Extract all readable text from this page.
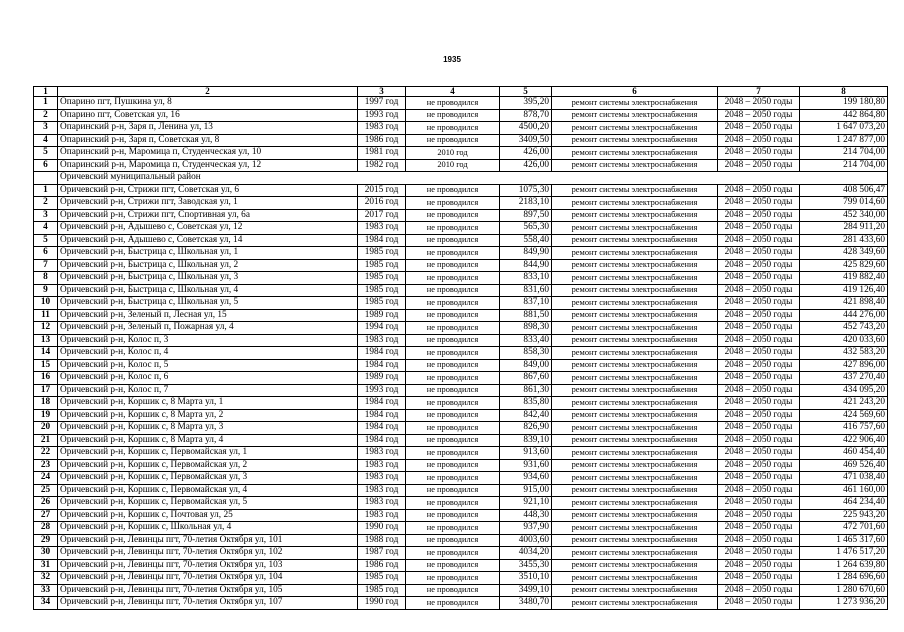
1935
1	2	3	4	5	6	7	8
1	Опарино пгт, Пушкина ул, 8	1997 год	не проводился	395,20	ремонт системы электроснабжения	2048 – 2050 годы	199 180,80
2	Опарино пгт, Советская ул, 16	1993 год	не проводился	878,70	ремонт системы электроснабжения	2048 – 2050 годы	442 864,80
3	Опаринский р-н, Заря п, Ленина ул, 13	1983 год	не проводился	4500,20	ремонт системы электроснабжения	2048 – 2050 годы	1 647 073,20
4	Опаринский р-н, Заря п, Советская ул, 8	1986 год	не проводился	3409,50	ремонт системы электроснабжения	2048 – 2050 годы	1 247 877,00
5	Опаринский р-н, Маромица п, Студенческая ул, 10	1981 год	2010 год	426,00	ремонт системы электроснабжения	2048 – 2050 годы	214 704,00
6	Опаринский р-н, Маромица п, Студенческая ул, 12	1982 год	2010 год	426,00	ремонт системы электроснабжения	2048 – 2050 годы	214 704,00
	Оричевский муниципальный район						
1	Оричевский р-н, Стрижи пгт, Советская ул, 6	2015 год	не проводился	1075,30	ремонт системы электроснабжения	2048 – 2050 годы	408 506,47
2	Оричевский р-н, Стрижи пгт, Заводская ул, 1	2016 год	не проводился	2183,10	ремонт системы электроснабжения	2048 – 2050 годы	799 014,60
3	Оричевский р-н, Стрижи пгт, Спортивная ул, 6а	2017 год	не проводился	897,50	ремонт системы электроснабжения	2048 – 2050 годы	452 340,00
4	Оричевский р-н, Адышево с, Советская ул, 12	1983 год	не проводился	565,30	ремонт системы электроснабжения	2048 – 2050 годы	284 911,20
5	Оричевский р-н, Адышево с, Советская ул, 14	1984 год	не проводился	558,40	ремонт системы электроснабжения	2048 – 2050 годы	281 433,60
6	Оричевский р-н, Быстрица с, Школьная ул, 1	1985 год	не проводился	849,90	ремонт системы электроснабжения	2048 – 2050 годы	428 349,60
7	Оричевский р-н, Быстрица с, Школьная ул, 2	1985 год	не проводился	844,90	ремонт системы электроснабжения	2048 – 2050 годы	425 829,60
8	Оричевский р-н, Быстрица с, Школьная ул, 3	1985 год	не проводился	833,10	ремонт системы электроснабжения	2048 – 2050 годы	419 882,40
9	Оричевский р-н, Быстрица с, Школьная ул, 4	1985 год	не проводился	831,60	ремонт системы электроснабжения	2048 – 2050 годы	419 126,40
10	Оричевский р-н, Быстрица с, Школьная ул, 5	1985 год	не проводился	837,10	ремонт системы электроснабжения	2048 – 2050 годы	421 898,40
11	Оричевский р-н, Зеленый п, Лесная ул, 15	1989 год	не проводился	881,50	ремонт системы электроснабжения	2048 – 2050 годы	444 276,00
12	Оричевский р-н, Зеленый п, Пожарная ул, 4	1994 год	не проводился	898,30	ремонт системы электроснабжения	2048 – 2050 годы	452 743,20
13	Оричевский р-н, Колос п, 3	1983 год	не проводился	833,40	ремонт системы электроснабжения	2048 – 2050 годы	420 033,60
14	Оричевский р-н, Колос п, 4	1984 год	не проводился	858,30	ремонт системы электроснабжения	2048 – 2050 годы	432 583,20
15	Оричевский р-н, Колос п, 5	1984 год	не проводился	849,00	ремонт системы электроснабжения	2048 – 2050 годы	427 896,00
16	Оричевский р-н, Колос п, 6	1989 год	не проводился	867,60	ремонт системы электроснабжения	2048 – 2050 годы	437 270,40
17	Оричевский р-н, Колос п, 7	1993 год	не проводился	861,30	ремонт системы электроснабжения	2048 – 2050 годы	434 095,20
18	Оричевский р-н, Коршик с, 8 Марта ул, 1	1984 год	не проводился	835,80	ремонт системы электроснабжения	2048 – 2050 годы	421 243,20
19	Оричевский р-н, Коршик с, 8 Марта ул, 2	1984 год	не проводился	842,40	ремонт системы электроснабжения	2048 – 2050 годы	424 569,60
20	Оричевский р-н, Коршик с, 8 Марта ул, 3	1984 год	не проводился	826,90	ремонт системы электроснабжения	2048 – 2050 годы	416 757,60
21	Оричевский р-н, Коршик с, 8 Марта ул, 4	1984 год	не проводился	839,10	ремонт системы электроснабжения	2048 – 2050 годы	422 906,40
22	Оричевский р-н, Коршик с, Первомайская ул, 1	1983 год	не проводился	913,60	ремонт системы электроснабжения	2048 – 2050 годы	460 454,40
23	Оричевский р-н, Коршик с, Первомайская ул, 2	1983 год	не проводился	931,60	ремонт системы электроснабжения	2048 – 2050 годы	469 526,40
24	Оричевский р-н, Коршик с, Первомайская ул, 3	1983 год	не проводился	934,60	ремонт системы электроснабжения	2048 – 2050 годы	471 038,40
25	Оричевский р-н, Коршик с, Первомайская ул, 4	1983 год	не проводился	915,00	ремонт системы электроснабжения	2048 – 2050 годы	461 160,00
26	Оричевский р-н, Коршик с, Первомайская ул, 5	1983 год	не проводился	921,10	ремонт системы электроснабжения	2048 – 2050 годы	464 234,40
27	Оричевский р-н, Коршик с, Почтовая ул, 25	1983 год	не проводился	448,30	ремонт системы электроснабжения	2048 – 2050 годы	225 943,20
28	Оричевский р-н, Коршик с, Школьная ул, 4	1990 год	не проводился	937,90	ремонт системы электроснабжения	2048 – 2050 годы	472 701,60
29	Оричевский р-н, Левинцы пгт, 70-летия Октября ул, 101	1988 год	не проводился	4003,60	ремонт системы электроснабжения	2048 – 2050 годы	1 465 317,60
30	Оричевский р-н, Левинцы пгт, 70-летия Октября ул, 102	1987 год	не проводился	4034,20	ремонт системы электроснабжения	2048 – 2050 годы	1 476 517,20
31	Оричевский р-н, Левинцы пгт, 70-летия Октября ул, 103	1986 год	не проводился	3455,30	ремонт системы электроснабжения	2048 – 2050 годы	1 264 639,80
32	Оричевский р-н, Левинцы пгт, 70-летия Октября ул, 104	1985 год	не проводился	3510,10	ремонт системы электроснабжения	2048 – 2050 годы	1 284 696,60
33	Оричевский р-н, Левинцы пгт, 70-летия Октября ул, 105	1985 год	не проводился	3499,10	ремонт системы электроснабжения	2048 – 2050 годы	1 280 670,60
34	Оричевский р-н, Левинцы пгт, 70-летия Октября ул, 107	1990 год	не проводился	3480,70	ремонт системы электроснабжения	2048 – 2050 годы	1 273 936,20
